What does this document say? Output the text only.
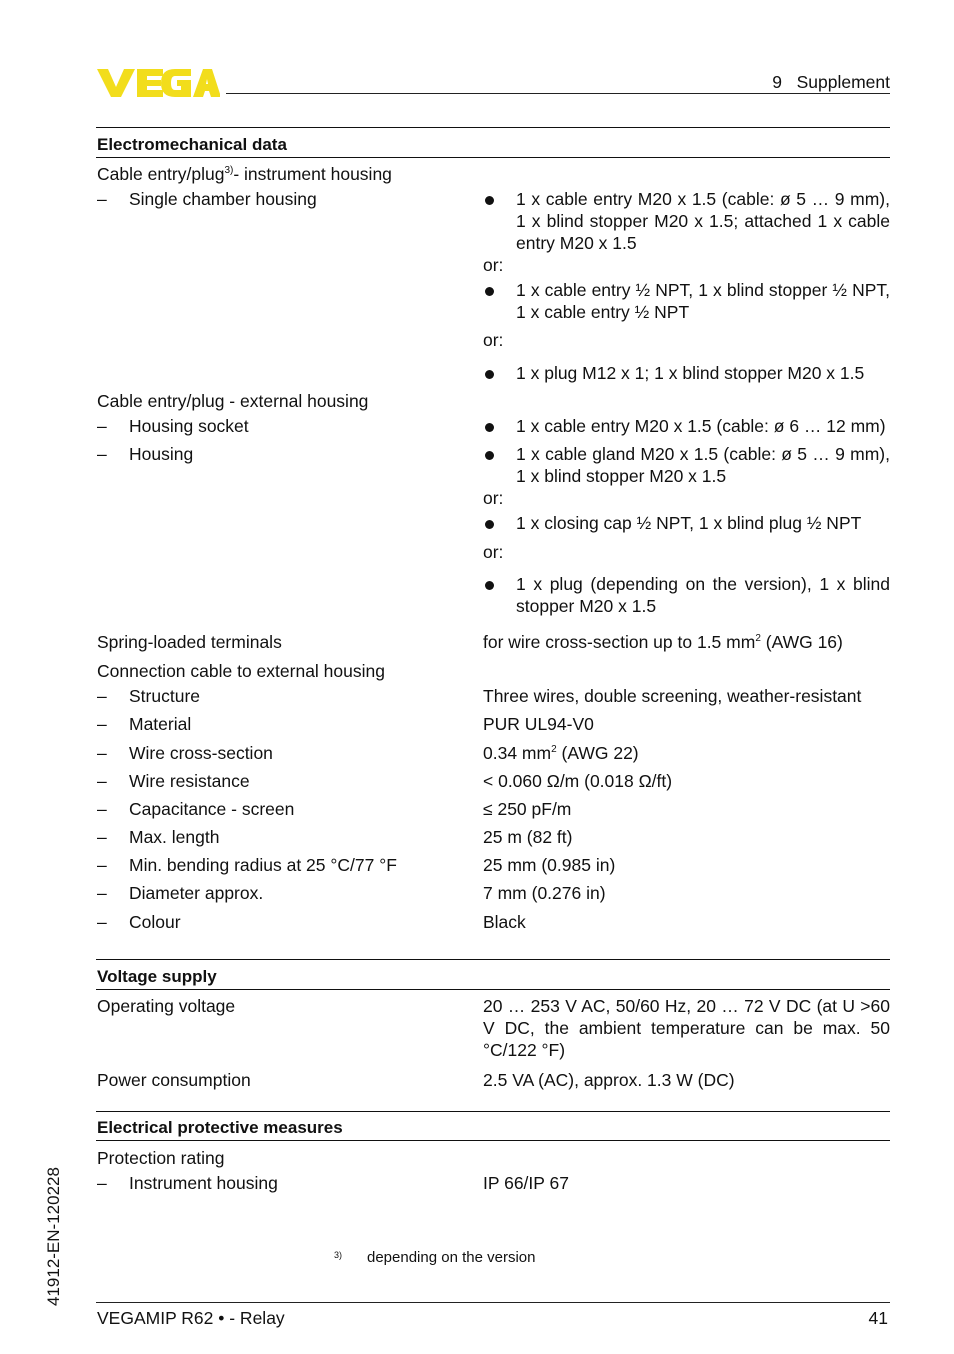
9   Supplement
Electromechanical data
Cable entry/plug$^{3)}$- instrument housing
– Single chamber housing	1 x cable entry M20 x 1.5 (cable: ø 5 … 9 mm), 1 x blind stopper M20 x 1.5; attached 1 x cable entry M20 x 1.5
or:
1 x cable entry ½ NPT, 1 x blind stopper ½ NPT, 1 x cable entry ½ NPT
or:
1 x plug M12 x 1; 1 x blind stopper M20 x 1.5
Cable entry/plug - external housing
– Housing socket	1 x cable entry M20 x 1.5 (cable: ø 6 … 12 mm)
– Housing	1 x cable gland M20 x 1.5 (cable: ø 5 … 9 mm), 1 x blind stopper M20 x 1.5
or:
1 x closing cap ½ NPT, 1 x blind plug ½ NPT
or:
1 x plug (depending on the version), 1 x blind stopper M20 x 1.5
Spring-loaded terminals	for wire cross-section up to 1.5 $mm^2$ (AWG 16)
Connection cable to external housing
– Structure	Three wires, double screening, weather-resistant
– Material	PUR UL94-V0
– Wire cross-section	0.34 $mm^2$ (AWG 22)
– Wire resistance	< 0.060 Ω/m (0.018 Ω/ft)
– Capacitance - screen	≤ 250 pF/m
– Max. length	25 m (82 ft)
– Min. bending radius at 25 °C/77 °F	25 mm (0.985 in)
– Diameter approx.	7 mm (0.276 in)
– Colour	Black
Voltage supply
Operating voltage	20 … 253 V AC, 50/60 Hz, 20 … 72 V DC (at U >60 V DC, the ambient temperature can be max. 50 °C/122 °F)
Power consumption	2.5 VA (AC), approx. 1.3 W (DC)
Electrical protective measures
Protection rating
– Instrument housing	IP 66/IP 67
3) depending on the version
41912-EN-120228
VEGAMIP R62 • - Relay	41
